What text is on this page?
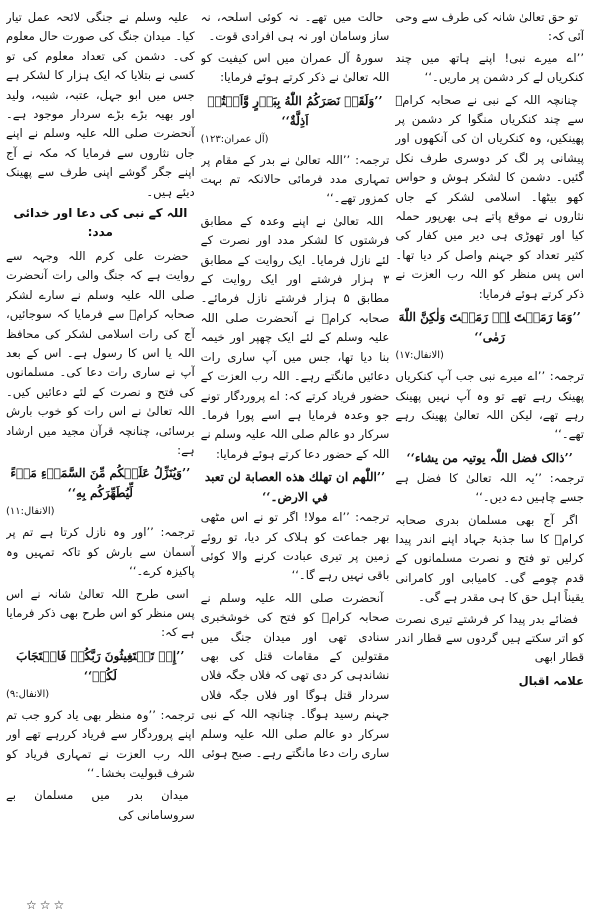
علیہ وسلم نے جنگی لائحہ عمل تیار کیا۔ میدان جنگ کی صورت حال معلوم کی۔ دشمن کی تعداد معلوم کی تو کسی نے بتلایا کہ ایک ہزار کا لشکر ہے جس میں ابو جہل، عتبہ، شیبہ، ولید اور بھیہ بڑے بڑے سردار موجود ہے۔ آنحضرت صلی اللہ علیہ وسلم نے اپنے جاں نثاروں سے فرمایا کہ مکہ نے آج اپنے جگر گوشے اپنی طرف سے پھینک دیئے ہیں۔

اللہ کے نبی کی دعا اور خدائی مدد:

حضرت علی کرم اللہ وجہہ سے روایت ہے کہ جنگ والی رات آنحضرت صلی اللہ علیہ وسلم نے سارے لشکر صحابہ کرامؓ سے فرمایا کہ سوجائیں، آج کی رات اسلامی لشکر کی محافظ اللہ یا اس کا رسول ہے۔ اس کے بعد آپ نے ساری رات دعا کی۔ مسلمانوں کی فتح و نصرت کے لئے دعائیں کیں۔ اللہ تعالیٰ نے اس رات کو خوب بارش برسائی، چنانچہ قرآن مجید میں ارشاد ہے:

’’وَيُنَزِّلُ عَلَيۡكُم مِّنَ السَّمَاۤءِ مَاۤءً لِّيُطَهِّرَكُم بِهِ‘‘
(الانفال:۱۱)
ترجمہ: ’’اور وہ نازل کرتا ہے تم پر آسمان سے بارش کو تاکہ تمہیں وہ پاکیزہ کرے۔‘‘

اسی طرح اللہ تعالیٰ شانہ نے اس پس منظر کو اس طرح بھی ذکر فرمایا ہے کہ:

’’إِذۡ تَسۡتَغِيثُونَ رَبَّكُمۡ فَاسۡتَجَابَ لَكُمۡ‘‘
(الانفال:۹)
ترجمہ: ’’وہ منظر بھی یاد کرو جب تم اپنے پروردگار سے فریاد کررہے تھے اور اللہ رب العزت نے تمہاری فریاد کو شرف قبولیت بخشا۔‘‘

میدان بدر میں مسلمان بے سروسامانی کی

حالت میں تھے۔ نہ کوئی اسلحہ، نہ ساز وسامان اور نہ ہی افرادی قوت۔

سورۂ آل عمران میں اس کیفیت کو اللہ تعالیٰ نے ذکر کرتے ہوئے فرمایا:

’’وَلَقَدۡ نَصَرَكُمُ اللّٰهُ بِبَدۡرٍ وَّاَنۡتُمۡ اَذِلَّةٌ‘‘
(آل عمران:۱۲۳)
ترجمہ: ’’اللہ تعالیٰ نے بدر کے مقام پر تمہاری مدد فرمائی حالانکہ تم بہت کمزور تھے۔‘‘

اللہ تعالیٰ نے اپنے وعدہ کے مطابق فرشتوں کا لشکر مدد اور نصرت کے لئے نازل فرمایا۔ ایک روایت کے مطابق ۳ ہزار فرشتے اور ایک روایت کے مطابق ۵ ہزار فرشتے نازل فرمائے۔ صحابہ کرامؓ نے آنحضرت صلی اللہ علیہ وسلم کے لئے ایک چھپر اور خیمہ بنا دیا تھا، جس میں آپ ساری رات دعائیں مانگتے رہے۔ اللہ رب العزت کے حضور فریاد کرتے کہ: اے پروردگار تونے جو وعدہ فرمایا ہے اسے پورا فرما۔ سرکار دو عالم صلی اللہ علیہ وسلم نے اللہ کے حضور دعا کرتے ہوئے فرمایا:

’’اللّٰهم ان تهلك هذه العصابة لن تعبد في الارض۔‘‘
ترجمہ: ’’اے مولا! اگر تو نے اس مٹھی بھر جماعت کو ہلاک کر دیا، تو روئے زمین پر تیری عبادت کرنے والا کوئی باقی نہیں رہے گا۔‘‘

آنحضرت صلی اللہ علیہ وسلم نے صحابہ کرامؓ کو فتح کی خوشخبری سنادی تھی اور میدان جنگ میں مقتولین کے مقامات قتل کی بھی نشاندہی کر دی تھی کہ فلاں جگہ فلاں سردار قتل ہوگا اور فلاں جگہ فلاں جہنم رسید ہوگا۔ چنانچہ اللہ کے نبی سرکار دو عالم صلی اللہ علیہ وسلم ساری رات دعا مانگتے رہے۔ صبح ہوئی

تو حق تعالیٰ شانہ کی طرف سے وحی آئی کہ:

’’اے میرے نبی! اپنے ہاتھ میں چند کنکریاں لے کر دشمن پر ماریں۔‘‘

چنانچہ اللہ کے نبی نے صحابہ کرامؓ سے چند کنکریاں منگوا کر دشمن پر پھینکیں، وہ کنکریاں ان کی آنکھوں اور پیشانی پر لگ کر دوسری طرف نکل گئیں۔ دشمن کا لشکر ہوش و حواس کھو بیٹھا۔ اسلامی لشکر کے جاں نثاروں نے موقع پاتے ہی بھرپور حملہ کیا اور تھوڑی ہی دیر میں کفار کی کثیر تعداد کو جہنم واصل کر دیا تھا۔ اس پس منظر کو اللہ رب العزت نے ذکر کرتے ہوئے فرمایا:

’’وَمَا رَمَيۡتَ اِذۡ رَمَيۡتَ وَلٰكِنَّ اللّٰهَ رَمٰى‘‘
(الانفال:۱۷)
ترجمہ: ’’اے میرے نبی جب آپ کنکریاں پھینک رہے تھے تو وہ آپ نہیں پھینک رہے تھے، لیکن اللہ تعالیٰ پھینک رہے تھے۔‘‘
’’ذالک فضل اللّٰہ یوتیہ من یشاء‘‘
ترجمہ: ’’یہ اللہ تعالیٰ کا فضل ہے جسے چاہیں دے دیں۔‘‘

اگر آج بھی مسلمان بدری صحابہ کرامؓ کا سا جذبۂ جہاد اپنے اندر پیدا کرلیں تو فتح و نصرت مسلمانوں کے قدم چومے گی۔ کامیابی اور کامرانی یقیناً اہل حق کا ہی مقدر ہے گی۔

فضائے بدر پیدا کر فرشتے تیری نصرت کو اتر سکتے ہیں گردوں سے قطار اندر قطار ابھی

علامہ اقبال
☆☆☆
